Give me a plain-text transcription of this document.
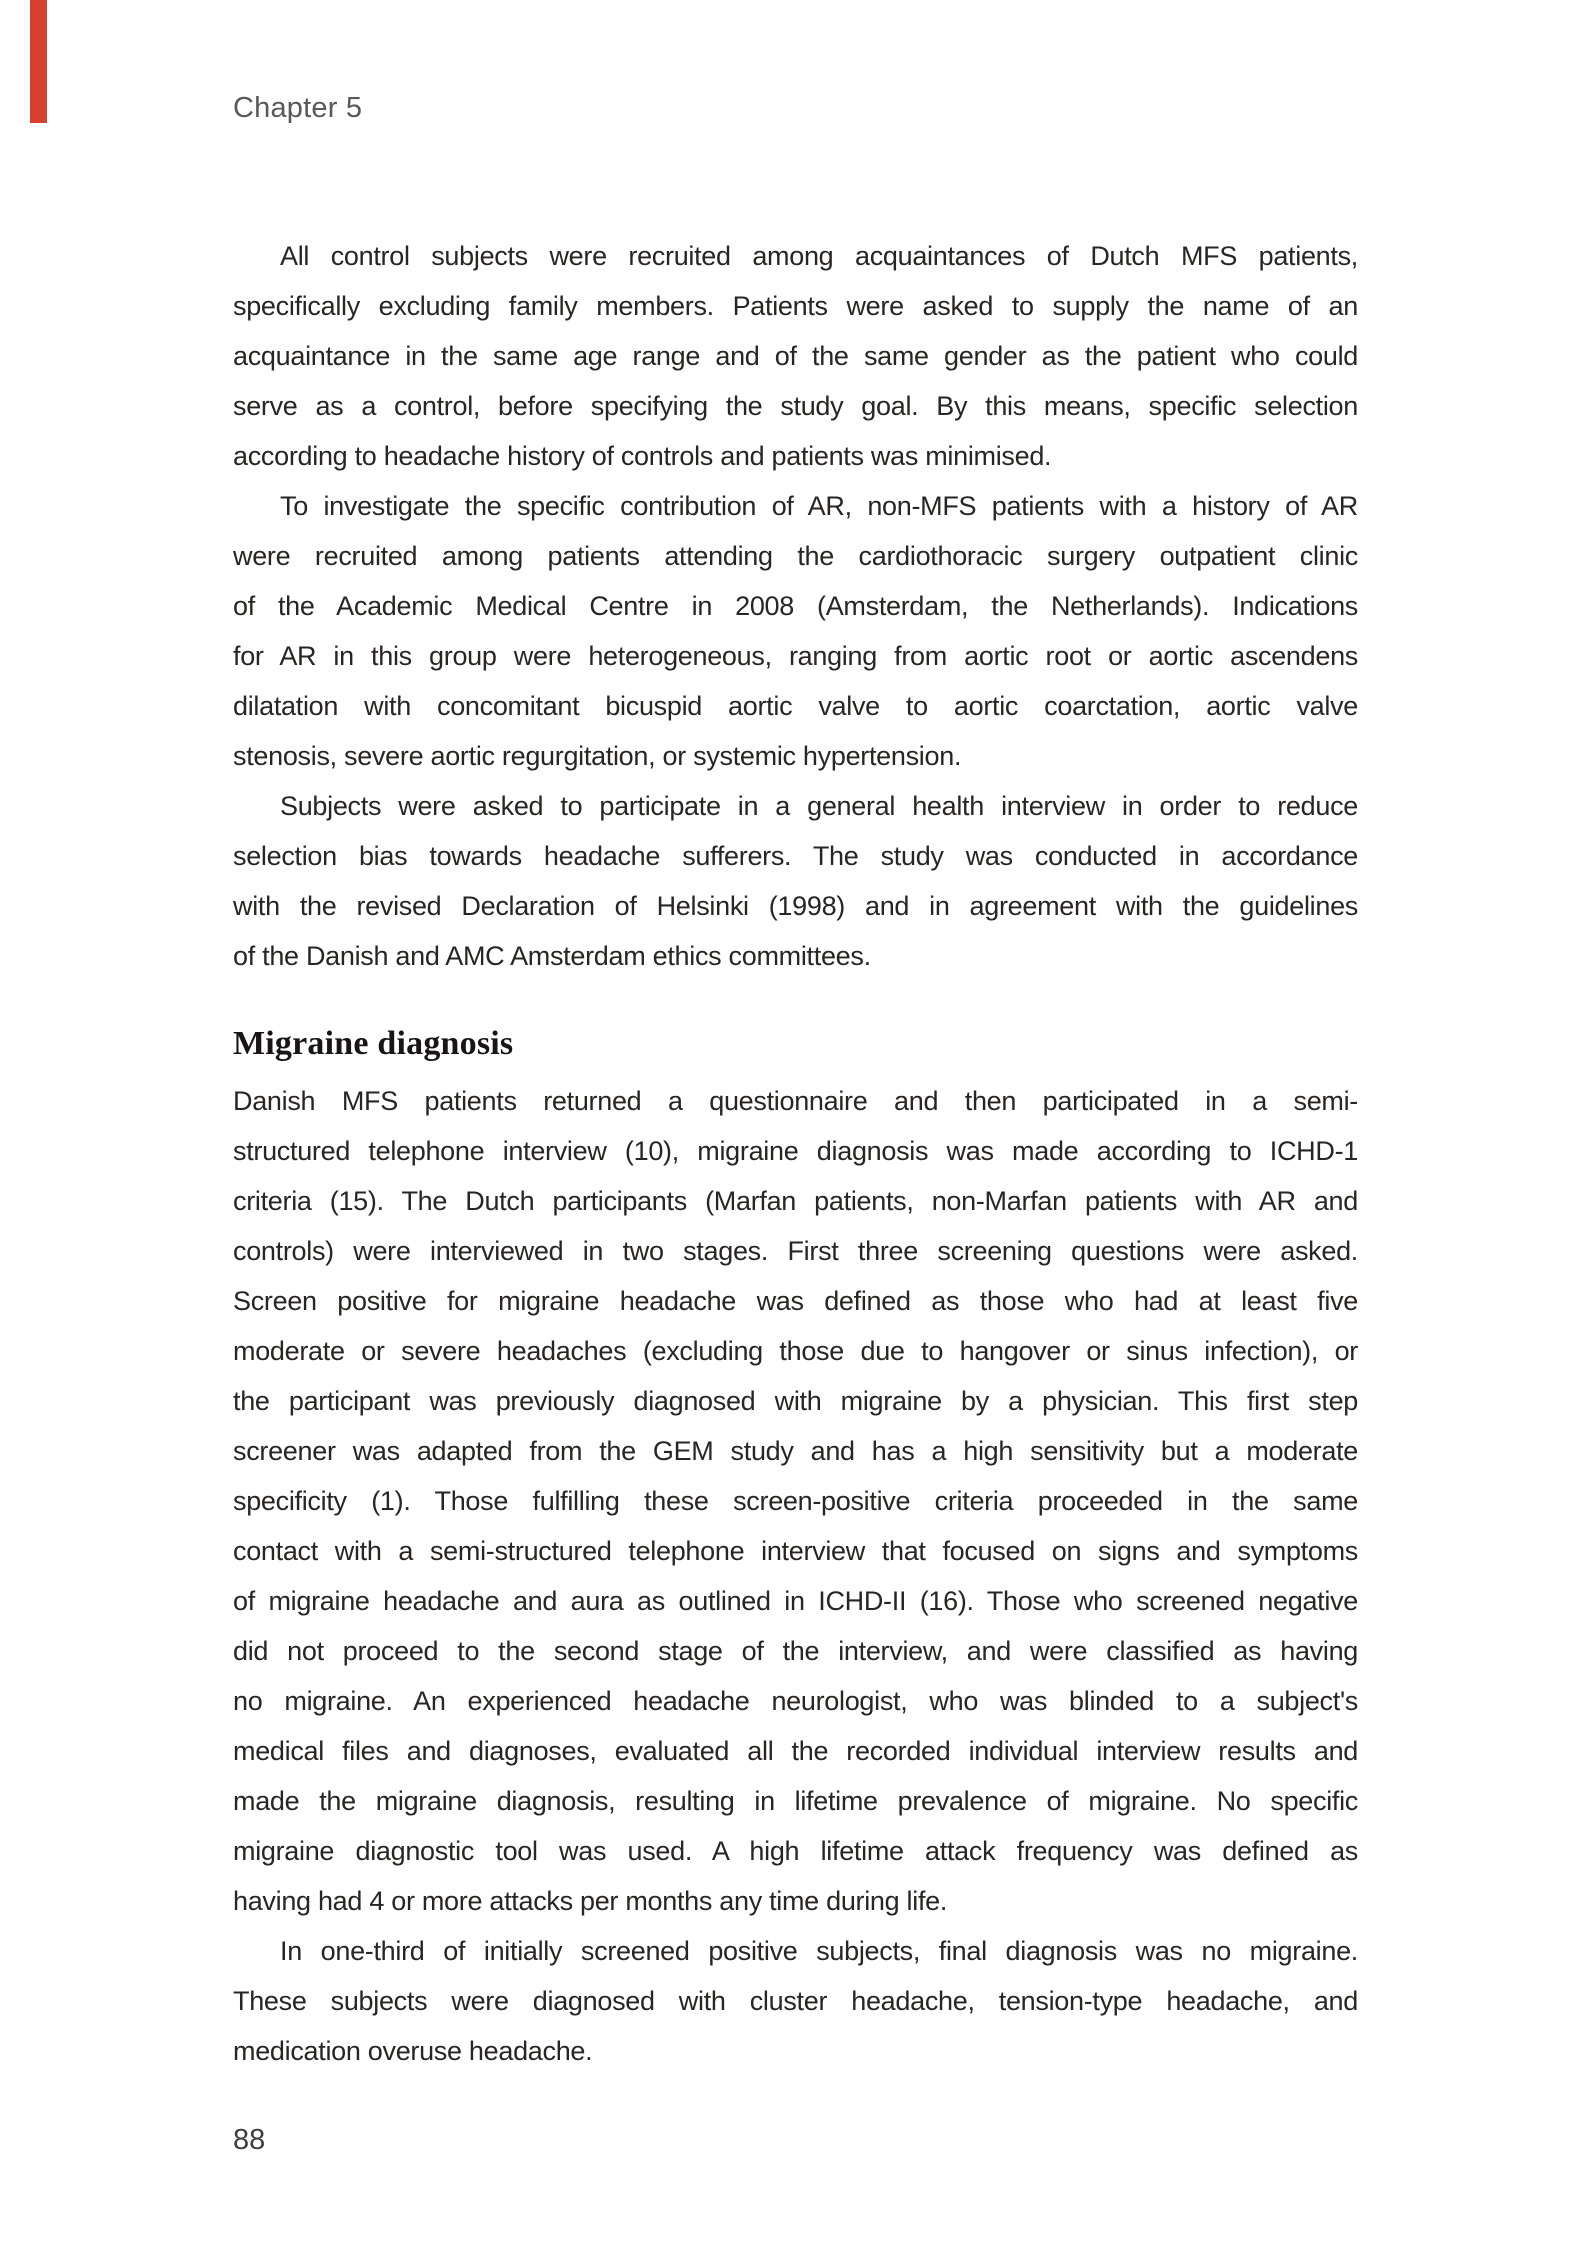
Chapter 5
All control subjects were recruited among acquaintances of Dutch MFS patients,
specifically excluding family members. Patients were asked to supply the name of an
acquaintance in the same age range and of the same gender as the patient who could
serve as a control, before specifying the study goal. By this means, specific selection
according to headache history of controls and patients was minimised.
To investigate the specific contribution of AR, non-MFS patients with a history of AR
were recruited among patients attending the cardiothoracic surgery outpatient clinic
of the Academic Medical Centre in 2008 (Amsterdam, the Netherlands). Indications
for AR in this group were heterogeneous, ranging from aortic root or aortic ascendens
dilatation with concomitant bicuspid aortic valve to aortic coarctation, aortic valve
stenosis, severe aortic regurgitation, or systemic hypertension.
Subjects were asked to participate in a general health interview in order to reduce
selection bias towards headache sufferers. The study was conducted in accordance
with the revised Declaration of Helsinki (1998) and in agreement with the guidelines
of the Danish and AMC Amsterdam ethics committees.
Migraine diagnosis
Danish MFS patients returned a questionnaire and then participated in a semi-
structured telephone interview (10), migraine diagnosis was made according to ICHD-1
criteria (15). The Dutch participants (Marfan patients, non-Marfan patients with AR and
controls) were interviewed in two stages. First three screening questions were asked.
Screen positive for migraine headache was defined as those who had at least five
moderate or severe headaches (excluding those due to hangover or sinus infection), or
the participant was previously diagnosed with migraine by a physician. This first step
screener was adapted from the GEM study and has a high sensitivity but a moderate
specificity (1). Those fulfilling these screen-positive criteria proceeded in the same
contact with a semi-structured telephone interview that focused on signs and symptoms
of migraine headache and aura as outlined in ICHD-II (16). Those who screened negative
did not proceed to the second stage of the interview, and were classified as having
no migraine. An experienced headache neurologist, who was blinded to a subject's
medical files and diagnoses, evaluated all the recorded individual interview results and
made the migraine diagnosis, resulting in lifetime prevalence of migraine. No specific
migraine diagnostic tool was used. A high lifetime attack frequency was defined as
having had 4 or more attacks per months any time during life.
In one-third of initially screened positive subjects, final diagnosis was no migraine.
These subjects were diagnosed with cluster headache, tension-type headache, and
medication overuse headache.
88
